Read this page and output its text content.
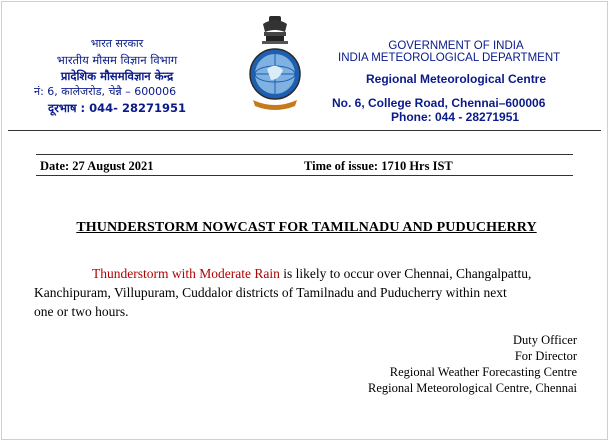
भारत सरकार
भारतीय मौसम विज्ञान विभाग
प्रादेशिक मौसमविज्ञान केन्द्र
नं: 6, कालेजरोड, चेन्नै – 600006
दूरभाष : 044- 28271951
GOVERNMENT OF INDIA
INDIA METEOROLOGICAL DEPARTMENT
Regional Meteorological Centre
No. 6, College Road, Chennai–600006
Phone: 044 - 28271951
Date: 27 August 2021	Time of issue: 1710 Hrs IST
THUNDERSTORM NOWCAST FOR TAMILNADU AND PUDUCHERRY
Thunderstorm with Moderate Rain is likely to occur over Chennai, Changalpattu,
Kanchipuram, Villupuram, Cuddalor districts of Tamilnadu and Puducherry within next
one or two hours.
Duty Officer
For Director
Regional Weather Forecasting Centre
Regional Meteorological Centre, Chennai
